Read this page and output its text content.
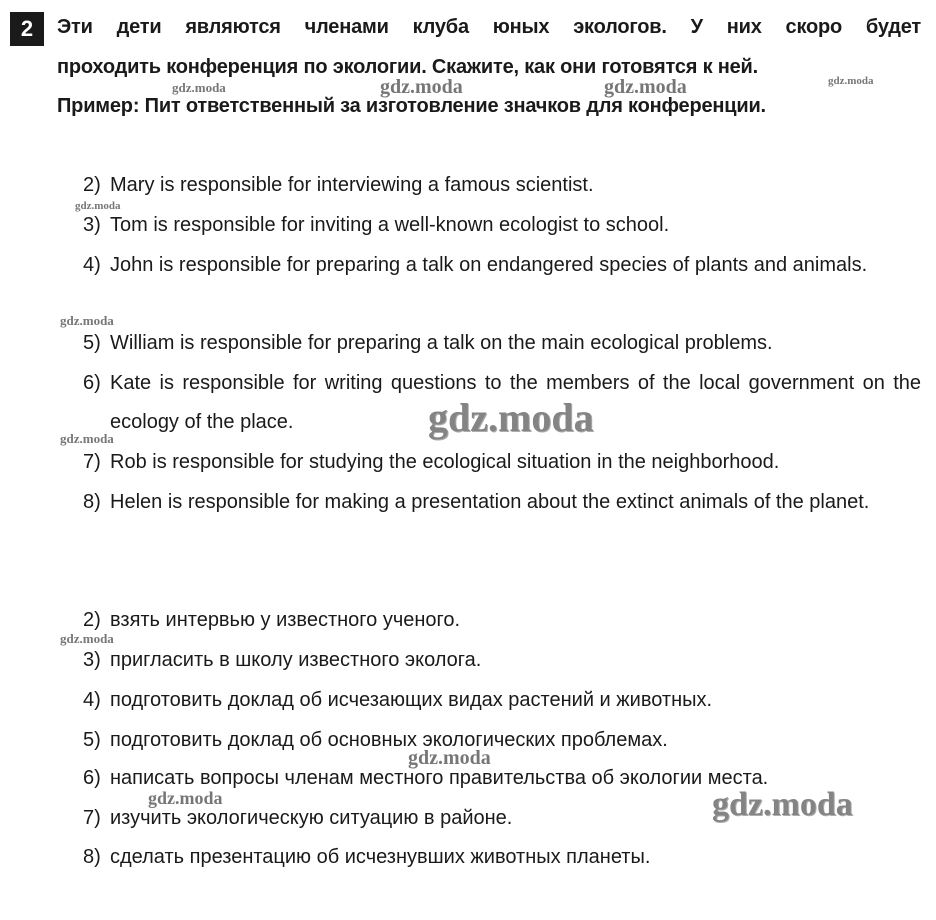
2	Эти дети являются членами клуба юных экологов. У них скоро будет

проходить конференция по экологии. Скажите, как они готовятся к ней.

Пример: Пит ответственный за изготовление значков для конференции.

2) Mary is responsible for interviewing a famous scientist.
3) Tom is responsible for inviting a well-known ecologist to school.
4) John is responsible for preparing a talk on endangered species of plants and animals.
5) William is responsible for preparing a talk on the main ecological problems.
6) Kate is responsible for writing questions to the members of the local government on the ecology of the place.
7) Rob is responsible for studying the ecological situation in the neighborhood.
8) Helen is responsible for making a presentation about the extinct animals of the planet.
2) взять интервью у известного ученого.
3) пригласить в школу известного эколога.
4) подготовить доклад об исчезающих видах растений и животных.
5) подготовить доклад об основных экологических проблемах.
6) написать вопросы членам местного правительства об экологии места.
7) изучить экологическую ситуацию в районе.
8) сделать презентацию об исчезнувших животных планеты.
gdz.moda	gdz.moda	gdz.moda	gdz.moda
gdz.moda
gdz.moda
gdz.moda
gdz.moda
gdz.moda
gdz.moda
gdz.moda	gdz.moda
